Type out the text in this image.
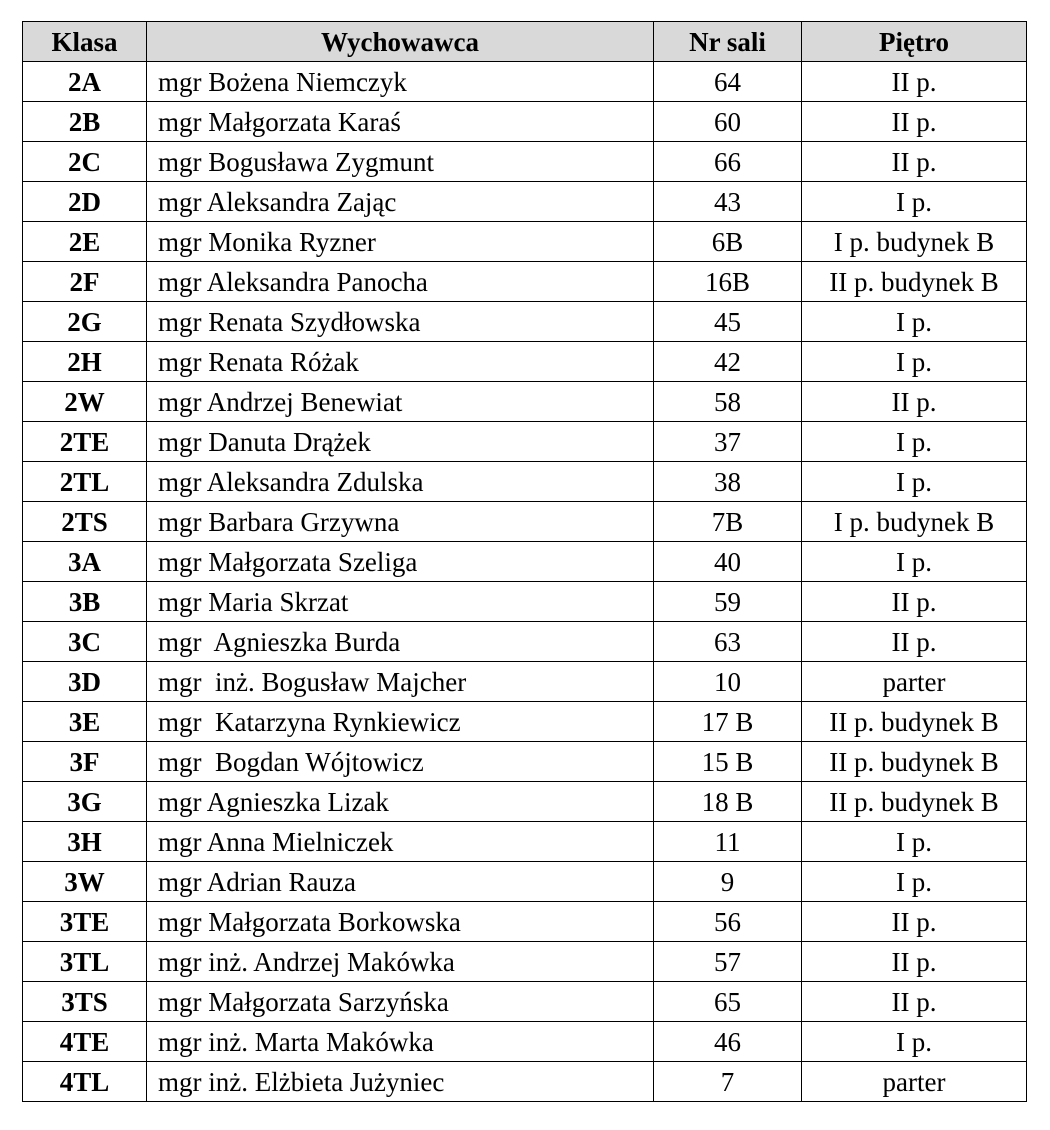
Klasa	Wychowawca	Nr sali	Piętro
2A	mgr Bożena Niemczyk	64	II p.
2B	mgr Małgorzata Karaś	60	II p.
2C	mgr Bogusława Zygmunt	66	II p.
2D	mgr Aleksandra Zając	43	I p.
2E	mgr Monika Ryzner	6B	I p. budynek B
2F	mgr Aleksandra Panocha	16B	II p. budynek B
2G	mgr Renata Szydłowska	45	I p.
2H	mgr Renata Różak	42	I p.
2W	mgr Andrzej Benewiat	58	II p.
2TE	mgr Danuta Drążek	37	I p.
2TL	mgr Aleksandra Zdulska	38	I p.
2TS	mgr Barbara Grzywna	7B	I p. budynek B
3A	mgr Małgorzata Szeliga	40	I p.
3B	mgr Maria Skrzat	59	II p.
3C	mgr  Agnieszka Burda	63	II p.
3D	mgr  inż. Bogusław Majcher	10	parter
3E	mgr  Katarzyna Rynkiewicz	17 B	II p. budynek B
3F	mgr  Bogdan Wójtowicz	15 B	II p. budynek B
3G	mgr Agnieszka Lizak	18 B	II p. budynek B
3H	mgr Anna Mielniczek	11	I p.
3W	mgr Adrian Rauza	9	I p.
3TE	mgr Małgorzata Borkowska	56	II p.
3TL	mgr inż. Andrzej Makówka	57	II p.
3TS	mgr Małgorzata Sarzyńska	65	II p.
4TE	mgr inż. Marta Makówka	46	I p.
4TL	mgr inż. Elżbieta Jużyniec	7	parter
